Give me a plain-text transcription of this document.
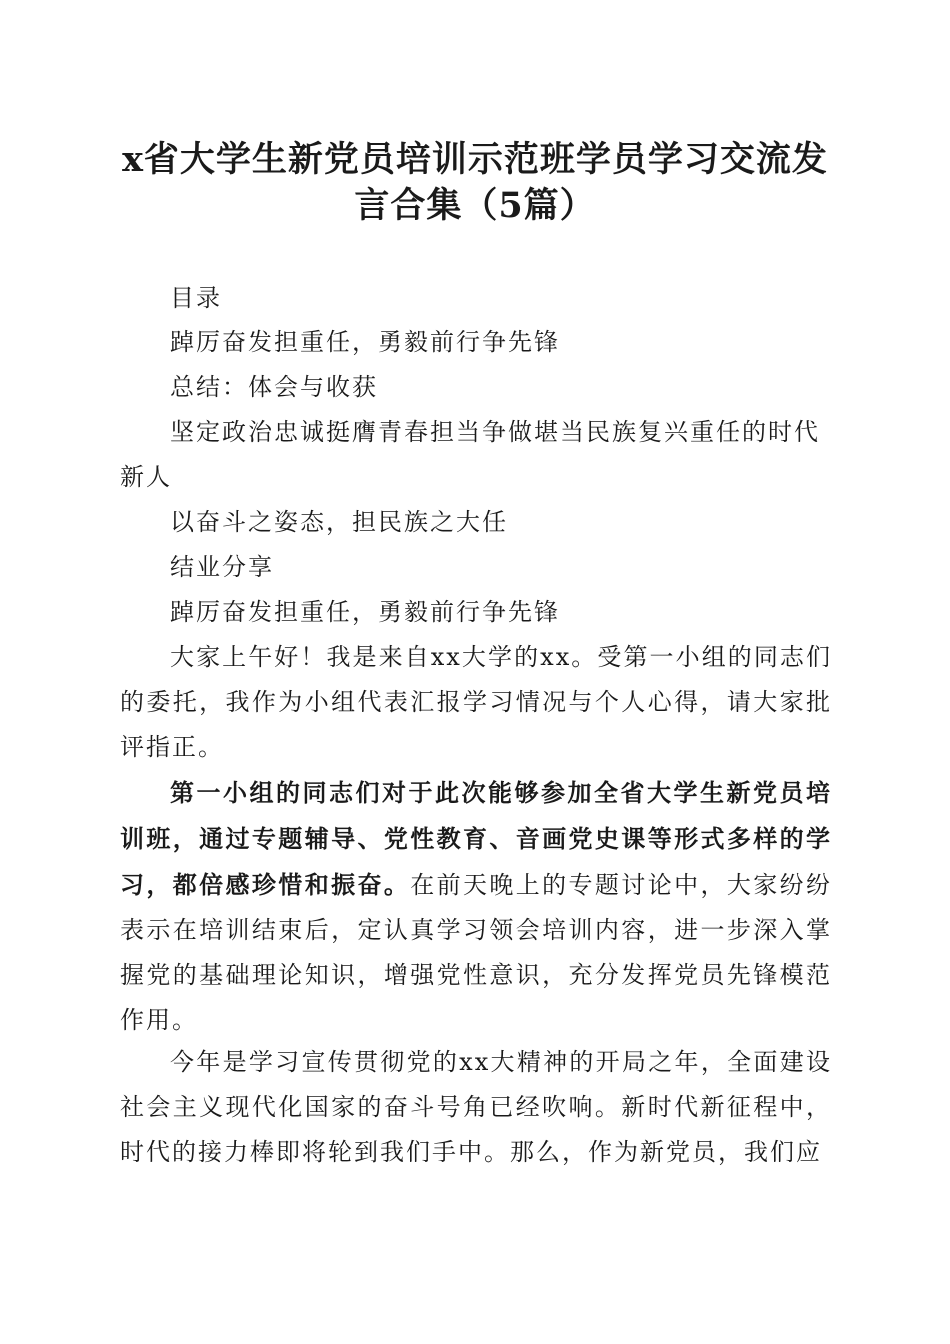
x省大学生新党员培训示范班学员学习交流发
言合集（5篇）

目录

踔厉奋发担重任，勇毅前行争先锋

总结：体会与收获

坚定政治忠诚挺膺青春担当争做堪当民族复兴重任的时代新人

以奋斗之姿态，担民族之大任

结业分享

踔厉奋发担重任，勇毅前行争先锋

大家上午好！我是来自xx大学的xx。受第一小组的同志们的委托，我作为小组代表汇报学习情况与个人心得，请大家批评指正。

第一小组的同志们对于此次能够参加全省大学生新党员培训班，通过专题辅导、党性教育、音画党史课等形式多样的学习，都倍感珍惜和振奋。在前天晚上的专题讨论中，大家纷纷表示在培训结束后，定认真学习领会培训内容，进一步深入掌握党的基础理论知识，增强党性意识，充分发挥党员先锋模范作用。

今年是学习宣传贯彻党的xx大精神的开局之年，全面建设社会主义现代化国家的奋斗号角已经吹响。新时代新征程中，时代的接力棒即将轮到我们手中。那么，作为新党员，我们应
